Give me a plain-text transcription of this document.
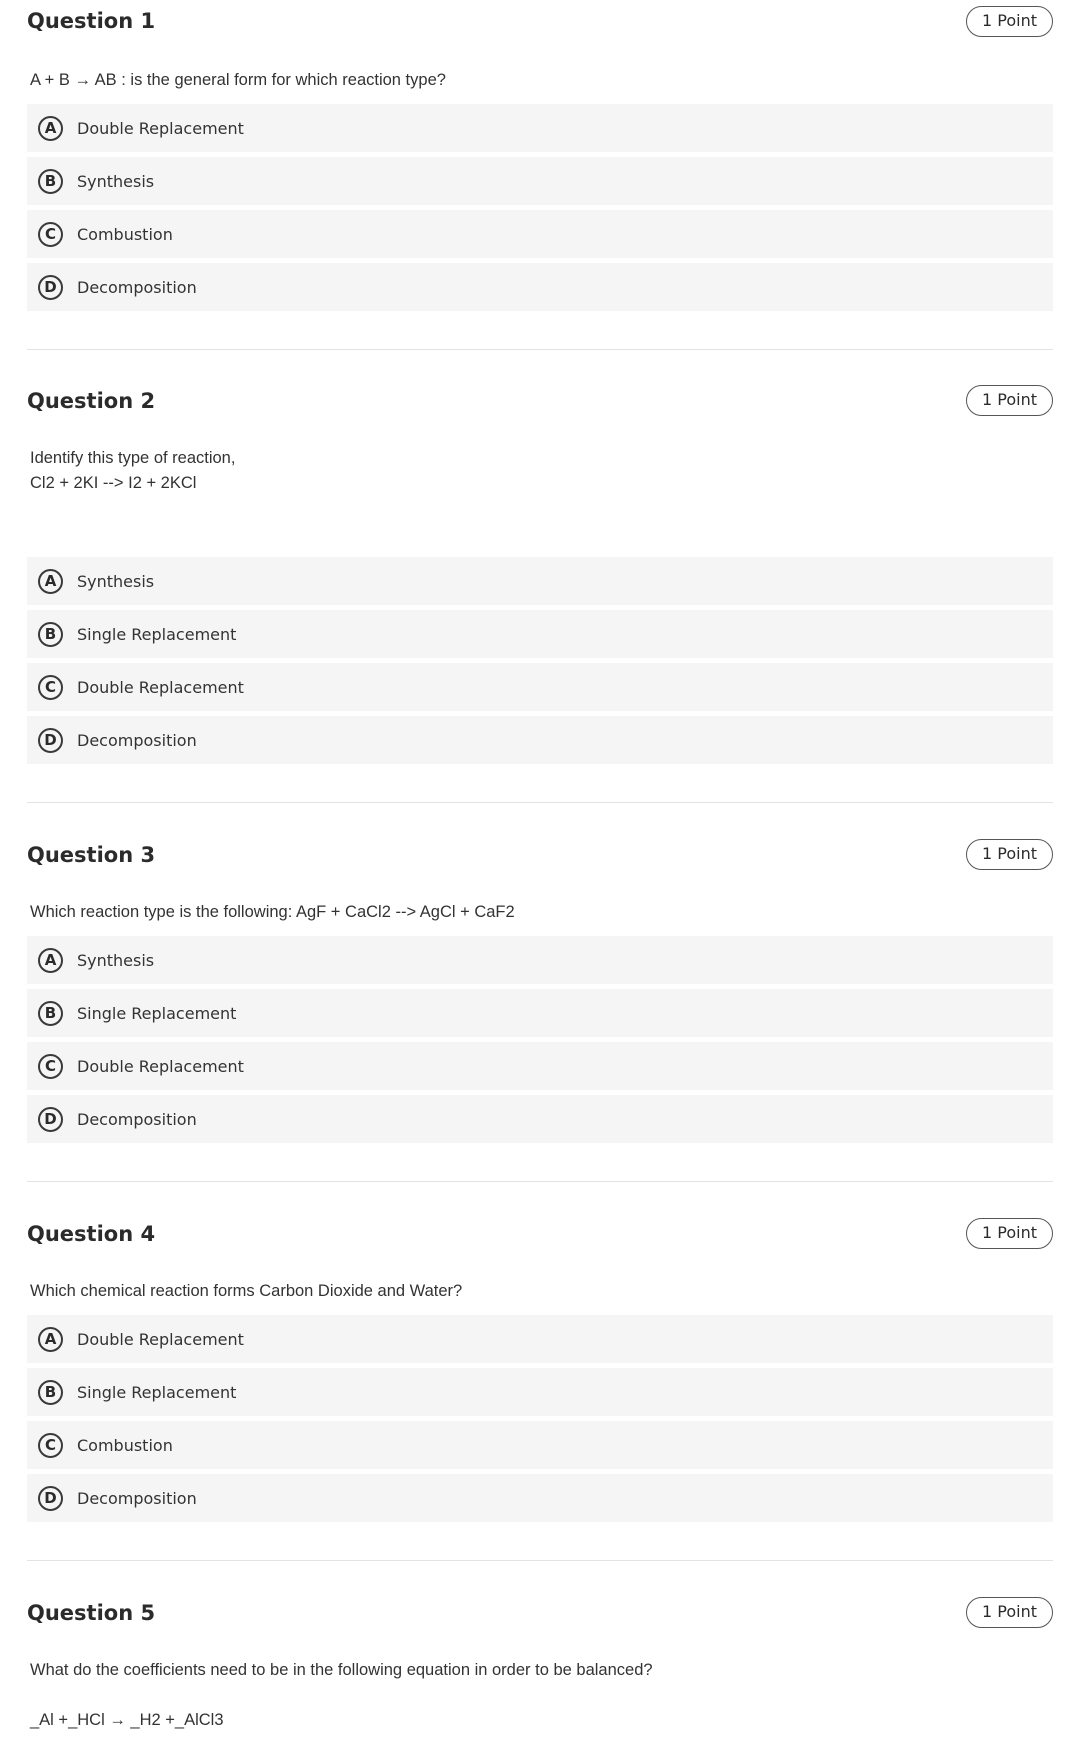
Question 1	1 Point
A + B → AB : is the general form for which reaction type?
A	Double Replacement
B	Synthesis
C	Combustion
D	Decomposition
Question 2	1 Point
Identify this type of reaction,
Cl2 + 2KI --> I2 + 2KCl
A	Synthesis
B	Single Replacement
C	Double Replacement
D	Decomposition
Question 3	1 Point
Which reaction type is the following: AgF + CaCl2 --> AgCl + CaF2
A	Synthesis
B	Single Replacement
C	Double Replacement
D	Decomposition
Question 4	1 Point
Which chemical reaction forms Carbon Dioxide and Water?
A	Double Replacement
B	Single Replacement
C	Combustion
D	Decomposition
Question 5	1 Point
What do the coefficients need to be in the following equation in order to be balanced?

_Al +_HCl → _H2 +_AlCl3
